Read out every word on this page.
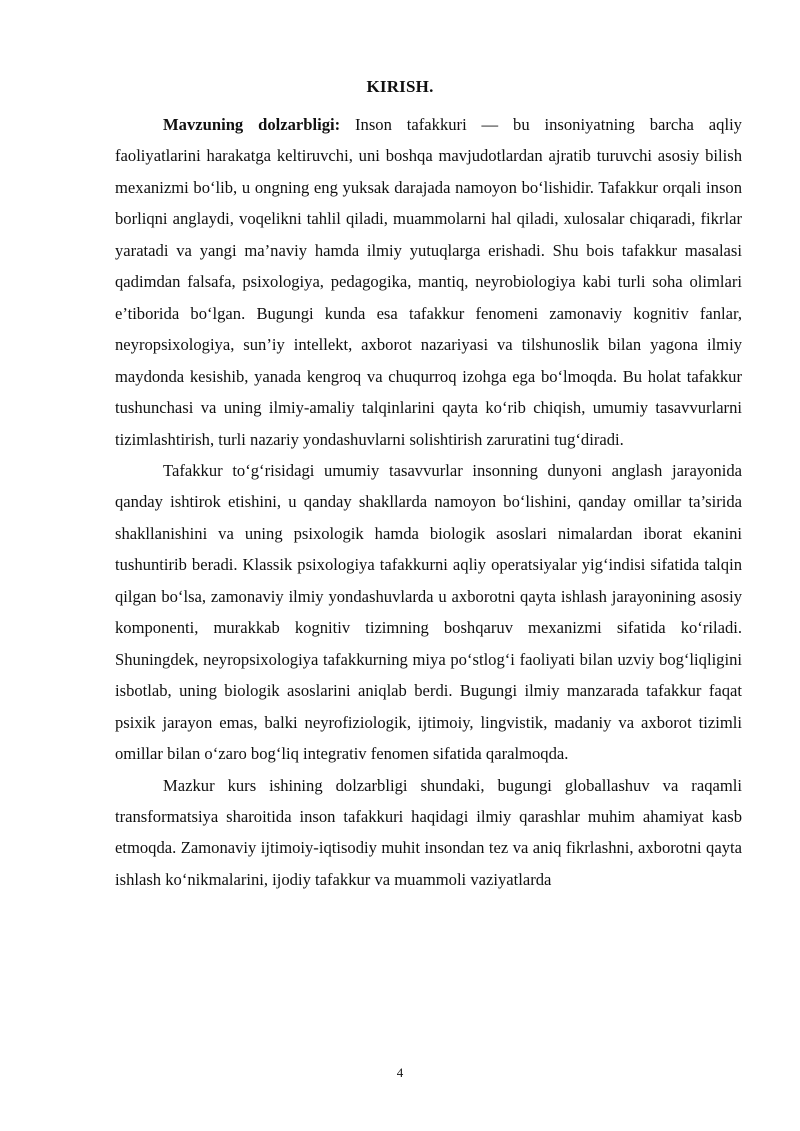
KIRISH.

Mavzuning dolzarbligi: Inson tafakkuri — bu insoniyatning barcha aqliy faoliyatlarini harakatga keltiruvchi, uni boshqa mavjudotlardan ajratib turuvchi asosiy bilish mexanizmi bo‘lib, u ongning eng yuksak darajada namoyon bo‘lishidir. Tafakkur orqali inson borliqni anglaydi, voqelikni tahlil qiladi, muammolarni hal qiladi, xulosalar chiqaradi, fikrlar yaratadi va yangi ma’naviy hamda ilmiy yutuqlarga erishadi. Shu bois tafakkur masalasi qadimdan falsafa, psixologiya, pedagogika, mantiq, neyrobiologiya kabi turli soha olimlari e’tiborida bo‘lgan. Bugungi kunda esa tafakkur fenomeni zamonaviy kognitiv fanlar, neyropsixologiya, sun’iy intellekt, axborot nazariyasi va tilshunoslik bilan yagona ilmiy maydonda kesishib, yanada kengroq va chuqurroq izohga ega bo‘lmoqda. Bu holat tafakkur tushunchasi va uning ilmiy-amaliy talqinlarini qayta ko‘rib chiqish, umumiy tasavvurlarni tizimlashtirish, turli nazariy yondashuvlarni solishtirish zaruratini tug‘diradi.

Tafakkur to‘g‘risidagi umumiy tasavvurlar insonning dunyoni anglash jarayonida qanday ishtirok etishini, u qanday shakllarda namoyon bo‘lishini, qanday omillar ta’sirida shakllanishini va uning psixologik hamda biologik asoslari nimalardan iborat ekanini tushuntirib beradi. Klassik psixologiya tafakkurni aqliy operatsiyalar yig‘indisi sifatida talqin qilgan bo‘lsa, zamonaviy ilmiy yondashuvlarda u axborotni qayta ishlash jarayonining asosiy komponenti, murakkab kognitiv tizimning boshqaruv mexanizmi sifatida ko‘riladi. Shuningdek, neyropsixologiya tafakkurning miya po‘stlog‘i faoliyati bilan uzviy bog‘liqligini isbotlab, uning biologik asoslarini aniqlab berdi. Bugungi ilmiy manzarada tafakkur faqat psixik jarayon emas, balki neyrofiziologik, ijtimoiy, lingvistik, madaniy va axborot tizimli omillar bilan o‘zaro bog‘liq integrativ fenomen sifatida qaralmoqda.

Mazkur kurs ishining dolzarbligi shundaki, bugungi globallashuv va raqamli transformatsiya sharoitida inson tafakkuri haqidagi ilmiy qarashlar muhim ahamiyat kasb etmoqda. Zamonaviy ijtimoiy-iqtisodiy muhit insondan tez va aniq fikrlashni, axborotni qayta ishlash ko‘nikmalarini, ijodiy tafakkur va muammoli vaziyatlarda

4
